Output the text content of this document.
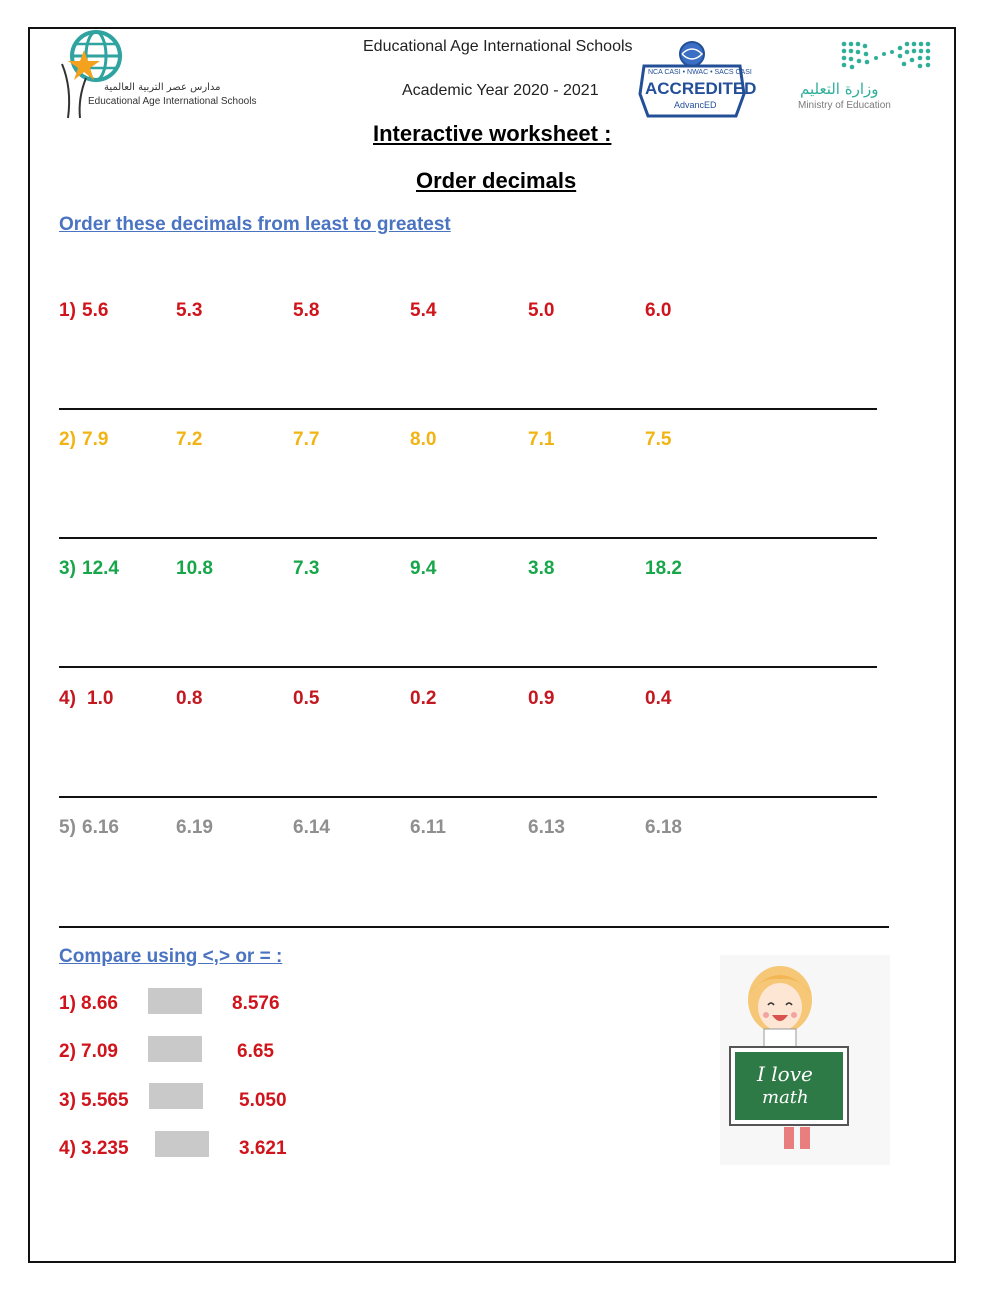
مدارس عصر التربية العالمية
Educational Age International Schools
Educational Age International Schools
Academic Year 2020 - 2021
NCA CASI • NWAC • SACS CASI
ACCREDITED
AdvancED
وزارة التعليم
Ministry of Education
Interactive worksheet :
Order decimals
Order these decimals from least to greatest
1) 5.6	5.3	5.8	5.4	5.0	6.0
2) 7.9	7.2	7.7	8.0	7.1	7.5
3) 12.4	10.8	7.3	9.4	3.8	18.2
4) 1.0	0.8	0.5	0.2	0.9	0.4
5) 6.16	6.19	6.14	6.11	6.13	6.18
Compare using <,> or = :
1) 8.66	8.576
2) 7.09	6.65
3) 5.565	5.050
4) 3.235	3.621
I love
math
